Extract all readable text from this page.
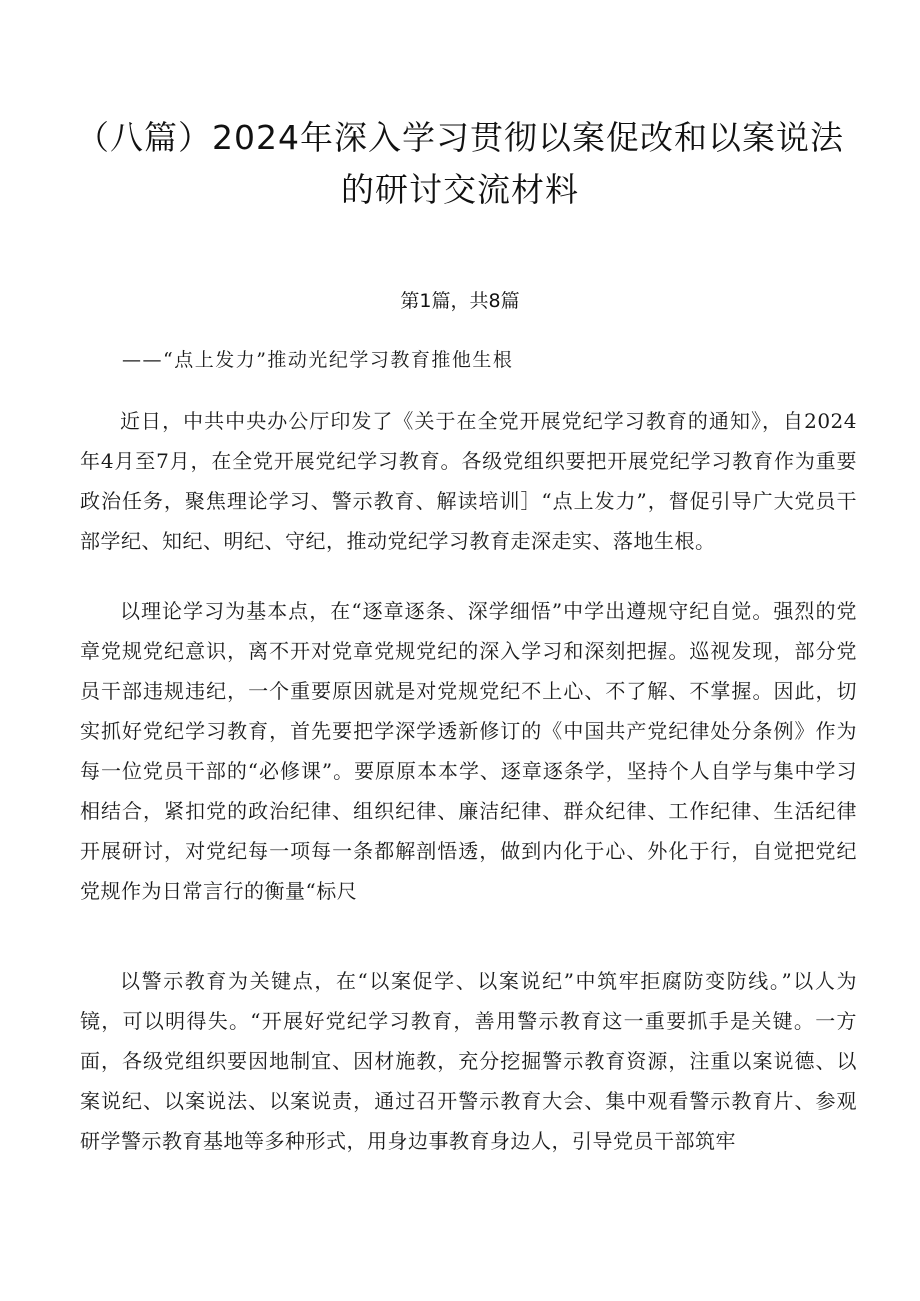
（八篇）2024年深入学习贯彻以案促改和以案说法的研讨交流材料

第1篇，共8篇

——“点上发力”推动光纪学习教育推他生根

近日，中共中央办公厅印发了《关于在全党开展党纪学习教育的通知》，自2024年4月至7月，在全党开展党纪学习教育。各级党组织要把开展党纪学习教育作为重要政治任务，聚焦理论学习、警示教育、解读培训］“点上发力”，督促引导广大党员干部学纪、知纪、明纪、守纪，推动党纪学习教育走深走实、落地生根。

以理论学习为基本点，在“逐章逐条、深学细悟”中学出遵规守纪自觉。强烈的党章党规党纪意识，离不开对党章党规党纪的深入学习和深刻把握。巡视发现，部分党员干部违规违纪，一个重要原因就是对党规党纪不上心、不了解、不掌握。因此，切实抓好党纪学习教育，首先要把学深学透新修订的《中国共产党纪律处分条例》作为每一位党员干部的“必修课”。要原原本本学、逐章逐条学，坚持个人自学与集中学习相结合，紧扣党的政治纪律、组织纪律、廉洁纪律、群众纪律、工作纪律、生活纪律开展研讨，对党纪每一项每一条都解剖悟透，做到内化于心、外化于行，自觉把党纪党规作为日常言行的衡量“标尺

以警示教育为关键点，在“以案促学、以案说纪”中筑牢拒腐防变防线。”以人为镜，可以明得失。“开展好党纪学习教育，善用警示教育这一重要抓手是关键。一方面，各级党组织要因地制宜、因材施教，充分挖掘警示教育资源，注重以案说德、以案说纪、以案说法、以案说责，通过召开警示教育大会、集中观看警示教育片、参观研学警示教育基地等多种形式，用身边事教育身边人，引导党员干部筑牢
